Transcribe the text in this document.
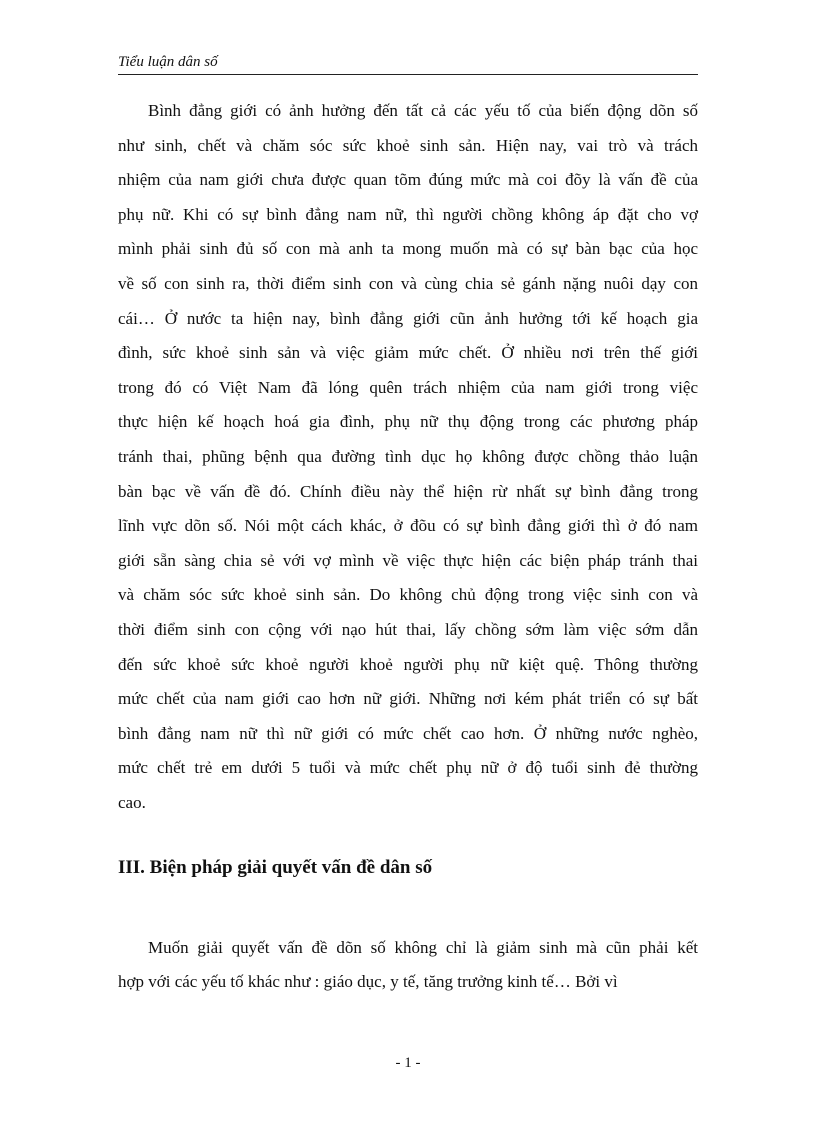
Tiểu luận dân số
Bình đẳng giới có ảnh hưởng đến tất cả các yếu tố của biến động dõn số
như sinh, chết và chăm sóc sức khoẻ sinh sản. Hiện nay, vai trò và trách
nhiệm của nam giới chưa được quan tõm đúng mức mà coi đõy là vấn đề của
phụ nữ. Khi có sự bình đẳng nam nữ, thì người chồng không áp đặt cho vợ
mình phải sinh đủ số con mà anh ta mong muốn mà có sự bàn bạc của học
về số con sinh ra, thời điểm sinh con và cùng chia sẻ gánh nặng nuôi dạy con
cái… Ở nước ta hiện nay, bình đẳng giới cũn ảnh hưởng tới kế hoạch gia
đình, sức khoẻ sinh sản và việc giảm mức chết. Ở nhiều nơi trên thế giới
trong đó có Việt Nam đã lóng quên trách nhiệm của nam giới trong việc
thực hiện kế hoạch hoá gia đình, phụ nữ thụ động trong các phương pháp
tránh thai, phũng bệnh qua đường tình dục họ không được chồng thảo luận
bàn bạc về vấn đề đó. Chính điều này thể hiện rừ nhất sự bình đẳng trong
lĩnh vực dõn số. Nói một cách khác, ở đõu có sự bình đẳng giới thì ở đó nam
giới sẵn sàng chia sẻ với vợ mình về việc thực hiện các biện pháp tránh thai
và chăm sóc sức khoẻ sinh sản. Do không chủ động trong việc sinh con và
thời điểm sinh con cộng với nạo hút thai, lấy chồng sớm làm việc sớm dẫn
đến sức khoẻ sức khoẻ người khoẻ người phụ nữ kiệt quệ. Thông thường
mức chết của nam giới cao hơn nữ giới. Những nơi kém phát triển có sự bất
bình đẳng nam nữ thì nữ giới có mức chết cao hơn. Ở những nước nghèo,
mức chết trẻ em dưới 5 tuổi và mức chết phụ nữ ở độ tuổi sinh đẻ thường
cao.
III. Biện pháp giải quyết vấn đề dân số
Muốn giải quyết vấn đề dõn số không chỉ là giảm sinh mà cũn phải kết
hợp với các yếu tố khác như : giáo dục, y tế, tăng trưởng kinh tế… Bởi vì
- 1 -
